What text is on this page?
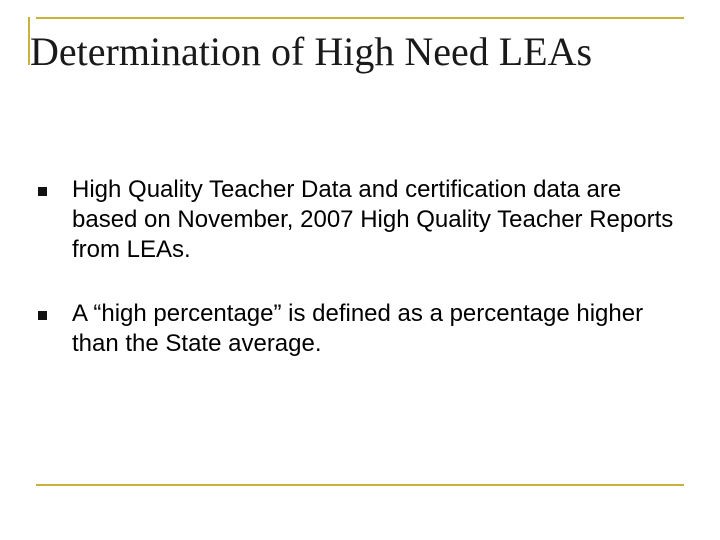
Determination of High Need LEAs
High Quality Teacher Data and certification data are based on November, 2007 High Quality Teacher Reports from LEAs.
A “high percentage” is defined as a percentage higher than the State average.
